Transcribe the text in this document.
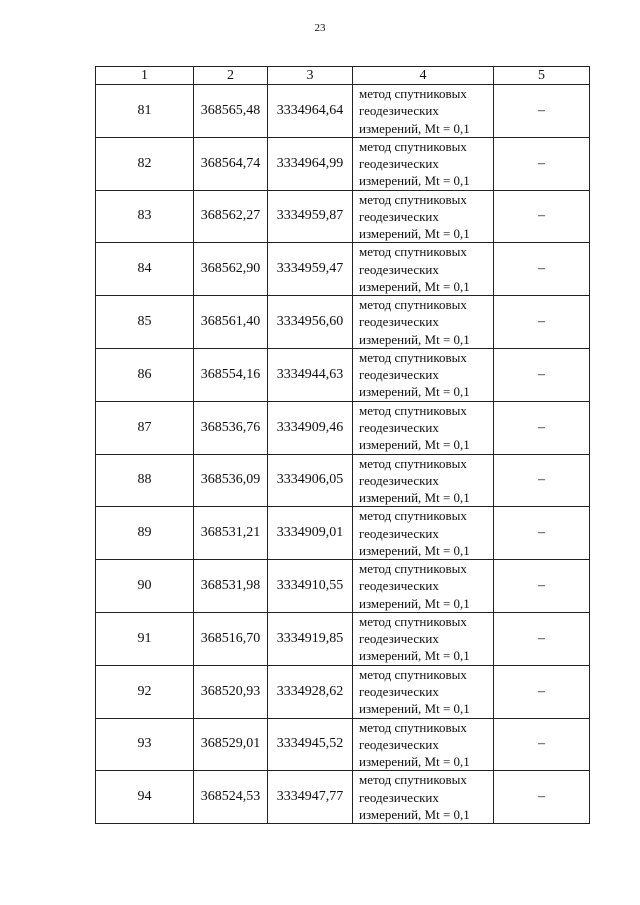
23
1	2	3	4	5
81	368565,48	3334964,64	метод спутниковых
геодезических
измерений, Mt = 0,1	–
82	368564,74	3334964,99	метод спутниковых
геодезических
измерений, Mt = 0,1	–
83	368562,27	3334959,87	метод спутниковых
геодезических
измерений, Mt = 0,1	–
84	368562,90	3334959,47	метод спутниковых
геодезических
измерений, Mt = 0,1	–
85	368561,40	3334956,60	метод спутниковых
геодезических
измерений, Mt = 0,1	–
86	368554,16	3334944,63	метод спутниковых
геодезических
измерений, Mt = 0,1	–
87	368536,76	3334909,46	метод спутниковых
геодезических
измерений, Mt = 0,1	–
88	368536,09	3334906,05	метод спутниковых
геодезических
измерений, Mt = 0,1	–
89	368531,21	3334909,01	метод спутниковых
геодезических
измерений, Mt = 0,1	–
90	368531,98	3334910,55	метод спутниковых
геодезических
измерений, Mt = 0,1	–
91	368516,70	3334919,85	метод спутниковых
геодезических
измерений, Mt = 0,1	–
92	368520,93	3334928,62	метод спутниковых
геодезических
измерений, Mt = 0,1	–
93	368529,01	3334945,52	метод спутниковых
геодезических
измерений, Mt = 0,1	–
94	368524,53	3334947,77	метод спутниковых
геодезических
измерений, Mt = 0,1	–
